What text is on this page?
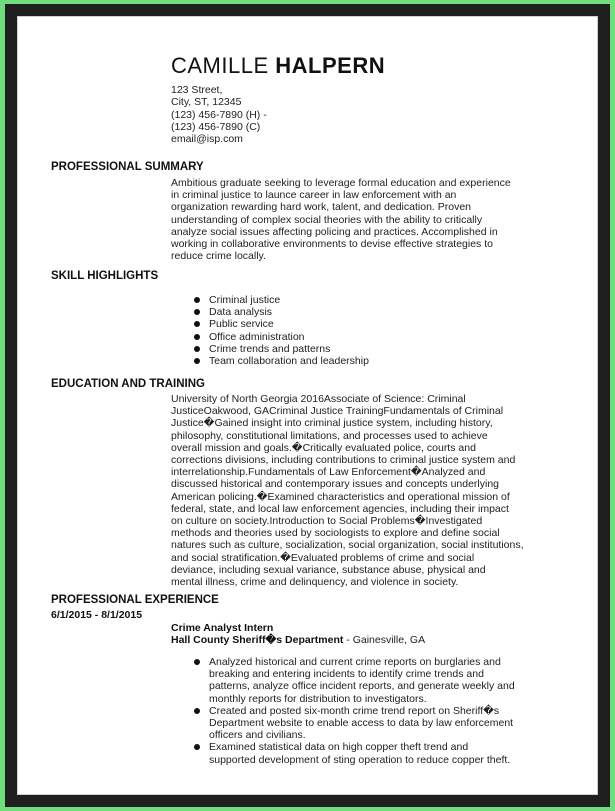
CAMILLE HALPERN
123 Street,
City, ST, 12345
(123) 456-7890 (H) -
(123) 456-7890 (C)
email@isp.com
PROFESSIONAL SUMMARY
Ambitious graduate seeking to leverage formal education and experience
in criminal justice to launce career in law enforcement with an
organization rewarding hard work, talent, and dedication. Proven
understanding of complex social theories with the ability to critically
analyze social issues affecting policing and practices. Accomplished in
working in collaborative environments to devise effective strategies to
reduce crime locally.
SKILL HIGHLIGHTS
Criminal justice
Data analysis
Public service
Office administration
Crime trends and patterns
Team collaboration and leadership
EDUCATION AND TRAINING
University of North Georgia 2016Associate of Science: Criminal
JusticeOakwood, GACriminal Justice TrainingFundamentals of Criminal
Justice�Gained insight into criminal justice system, including history,
philosophy, constitutional limitations, and processes used to achieve
overall mission and goals.�Critically evaluated police, courts and
corrections divisions, including contributions to criminal justice system and
interrelationship.Fundamentals of Law Enforcement�Analyzed and
discussed historical and contemporary issues and concepts underlying
American policing.�Examined characteristics and operational mission of
federal, state, and local law enforcement agencies, including their impact
on culture on society.Introduction to Social Problems�Investigated
methods and theories used by sociologists to explore and define social
natures such as culture, socialization, social organization, social institutions,
and social stratification.�Evaluated problems of crime and social
deviance, including sexual variance, substance abuse, physical and
mental illness, crime and delinquency, and violence in society.
PROFESSIONAL EXPERIENCE
6/1/2015 - 8/1/2015
Crime Analyst Intern
Hall County Sheriff�s Department - Gainesville, GA
Analyzed historical and current crime reports on burglaries and
breaking and entering incidents to identify crime trends and
patterns, analyze office incident reports, and generate weekly and
monthly reports for distribution to investigators.
Created and posted six-month crime trend report on Sheriff�s
Department website to enable access to data by law enforcement
officers and civilians.
Examined statistical data on high copper theft trend and
supported development of sting operation to reduce copper theft.
